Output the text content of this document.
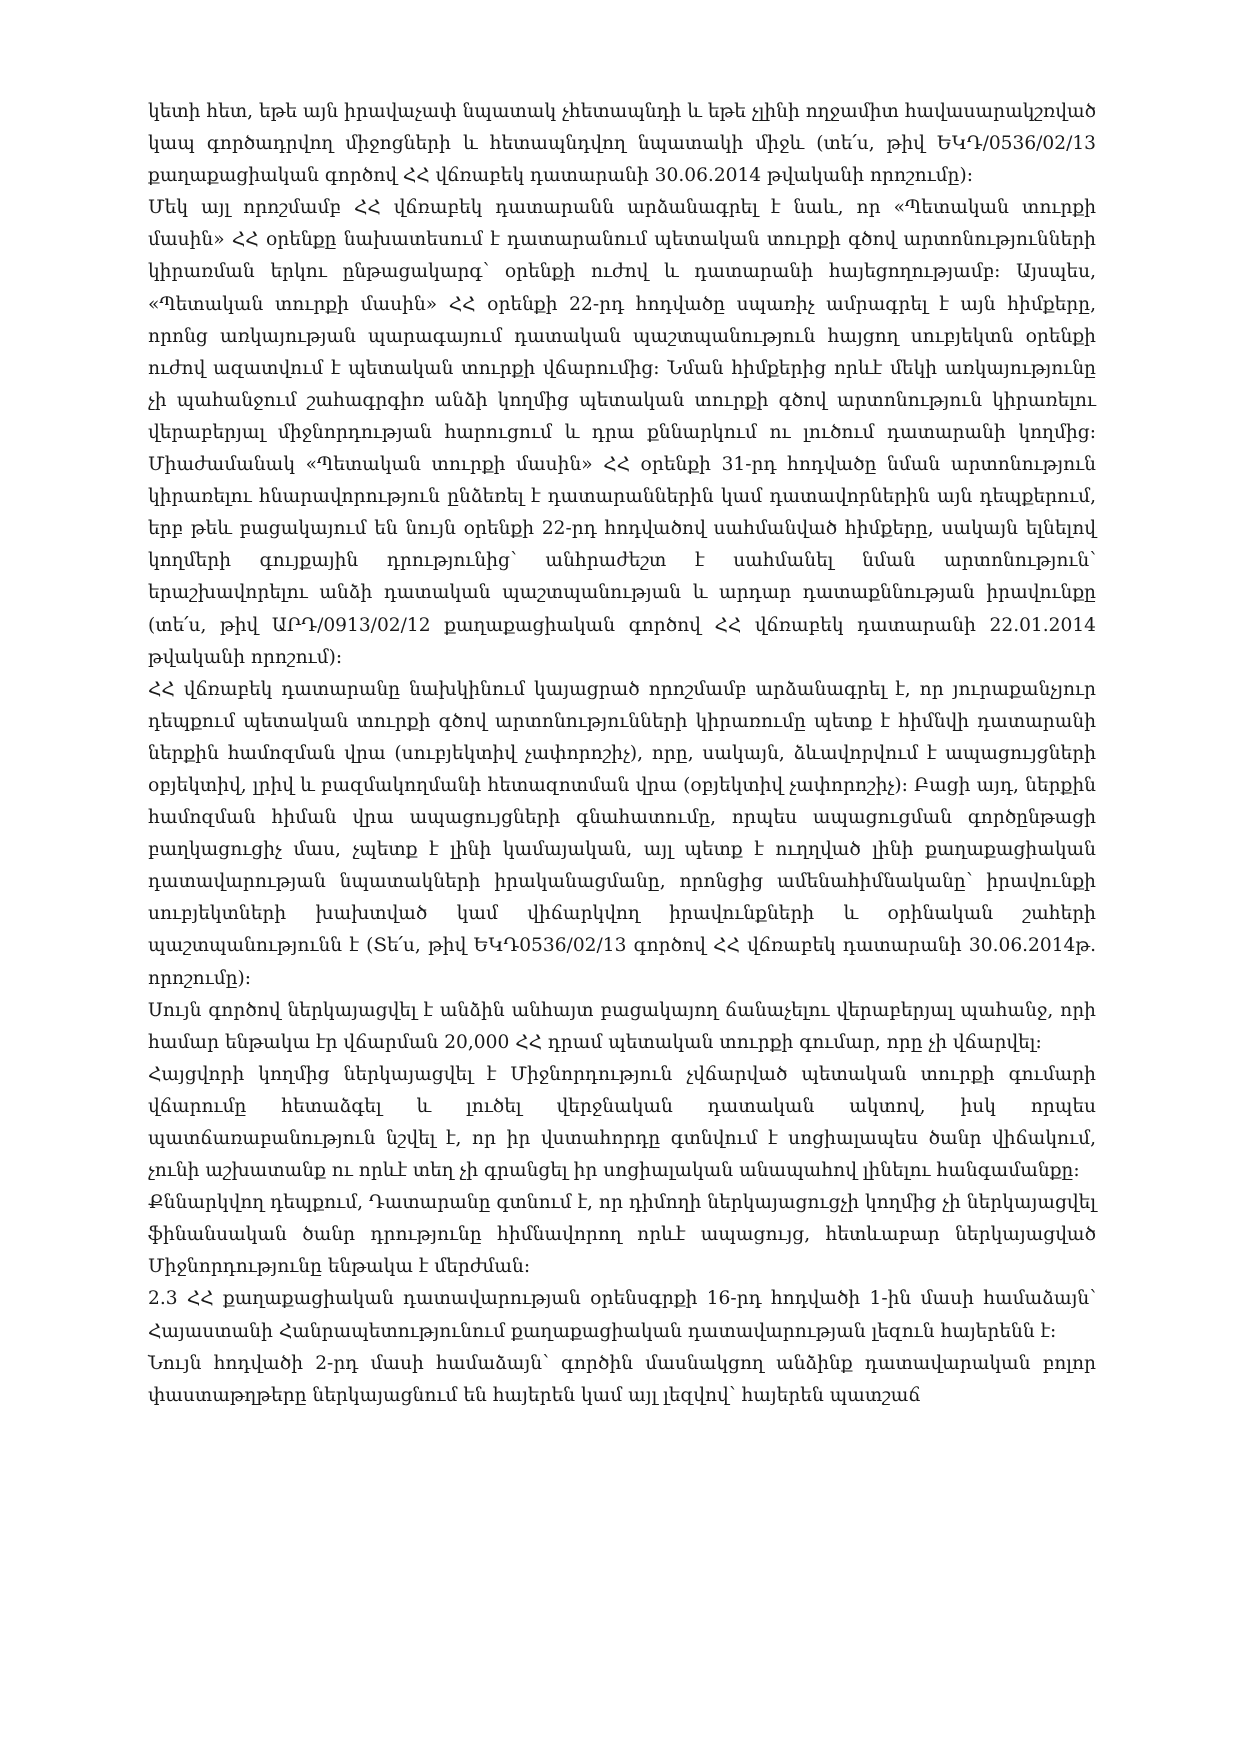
կետի հետ, եթե այն իրավաչափ նպատակ չհետապնդի և եթե չլինի ողջամիտ հավասարակշռված կապ գործադրվող միջոցների և հետապնդվող նպատակի միջև (տե՛ս, թիվ ԵԿԴ/0536/02/13 քաղաքացիական գործով ՀՀ վճռաբեկ դատարանի 30.06.2014 թվականի որոշումը):

Մեկ այլ որոշմամբ ՀՀ վճռաբեկ դատարանն արձանագրել է նաև, որ «Պետական տուրքի մասին» ՀՀ օրենքը նախատեսում է դատարանում պետական տուրքի գծով արտոնությունների կիրառման երկու ընթացակարգ՝ օրենքի ուժով և դատարանի հայեցողությամբ: Այսպես, «Պետական տուրքի մասին» ՀՀ օրենքի 22-րդ հոդվածը սպառիչ ամրագրել է այն հիմքերը, որոնց առկայության պարագայում դատական պաշտպանություն հայցող սուբյեկտն օրենքի ուժով ազատվում է պետական տուրքի վճարումից: Նման հիմքերից որևէ մեկի առկայությունը չի պահանջում շահագրգիռ անձի կողմից պետական տուրքի գծով արտոնություն կիրառելու վերաբերյալ միջնորդության հարուցում և դրա քննարկում ու լուծում դատարանի կողմից: Միաժամանակ «Պետական տուրքի մասին» ՀՀ օրենքի 31-րդ հոդվածը նման արտոնություն կիրառելու հնարավորություն ընձեռել է դատարաններին կամ դատավորներին այն դեպքերում, երբ թեև բացակայում են նույն օրենքի 22-րդ հոդվածով սահմանված հիմքերը, սակայն ելնելով կողմերի գույքային դրությունից՝ անհրաժեշտ է սահմանել նման արտոնություն՝ երաշխավորելու անձի դատական պաշտպանության և արդար դատաքննության իրավունքը (տե՛ս, թիվ ԱՐԴ/0913/02/12 քաղաքացիական գործով ՀՀ վճռաբեկ դատարանի 22.01.2014 թվականի որոշում):

ՀՀ վճռաբեկ դատարանը նախկինում կայացրած որոշմամբ արձանագրել է, որ յուրաքանչյուր դեպքում պետական տուրքի գծով արտոնությունների կիրառումը պետք է հիմնվի դատարանի ներքին համոզման վրա (սուբյեկտիվ չափորոշիչ), որը, սակայն, ձևավորվում է ապացույցների օբյեկտիվ, լրիվ և բազմակողմանի հետազոտման վրա (օբյեկտիվ չափորոշիչ): Բացի այդ, ներքին համոզման հիման վրա ապացույցների գնահատումը, որպես ապացուցման գործընթացի բաղկացուցիչ մաս, չպետք է լինի կամայական, այլ պետք է ուղղված լինի քաղաքացիական դատավարության նպատակների իրականացմանը, որոնցից ամենահիմնականը՝ իրավունքի սուբյեկտների խախտված կամ վիճարկվող իրավունքների և օրինական շահերի պաշտպանությունն է (Տե՛ս, թիվ ԵԿԴ0536/02/13 գործով ՀՀ վճռաբեկ դատարանի 30.06.2014թ. որոշումը):

Սույն գործով ներկայացվել է անձին անհայտ բացակայող ճանաչելու վերաբերյալ պահանջ, որի համար ենթակա էր վճարման 20,000 ՀՀ դրամ պետական տուրքի գումար, որը չի վճարվել:

Հայցվորի կողմից ներկայացվել է Միջնորդություն չվճարված պետական տուրքի գումարի վճարումը հետաձգել և լուծել վերջնական դատական ակտով, իսկ որպես պատճառաբանություն նշվել է, որ իր վստահորդը գտնվում է սոցիալապես ծանր վիճակում, չունի աշխատանք ու որևէ տեղ չի գրանցել իր սոցիալական անապահով լինելու հանգամանքը:

Քննարկվող դեպքում, Դատարանը գտնում է, որ դիմողի ներկայացուցչի կողմից չի ներկայացվել ֆինանսական ծանր դրությունը հիմնավորող որևէ ապացույց, հետևաբար ներկայացված Միջնորդությունը ենթակա է մերժման:

2.3 ՀՀ քաղաքացիական դատավարության օրենսգրքի 16-րդ հոդվածի 1-ին մասի համաձայն՝ Հայաստանի Հանրապետությունում քաղաքացիական դատավարության լեզուն հայերենն է:

Նույն հոդվածի 2-րդ մասի համաձայն՝ գործին մասնակցող անձինք դատավարական բոլոր փաստաթղթերը ներկայացնում են հայերեն կամ այլ լեզվով՝ հայերեն պատշաճ
